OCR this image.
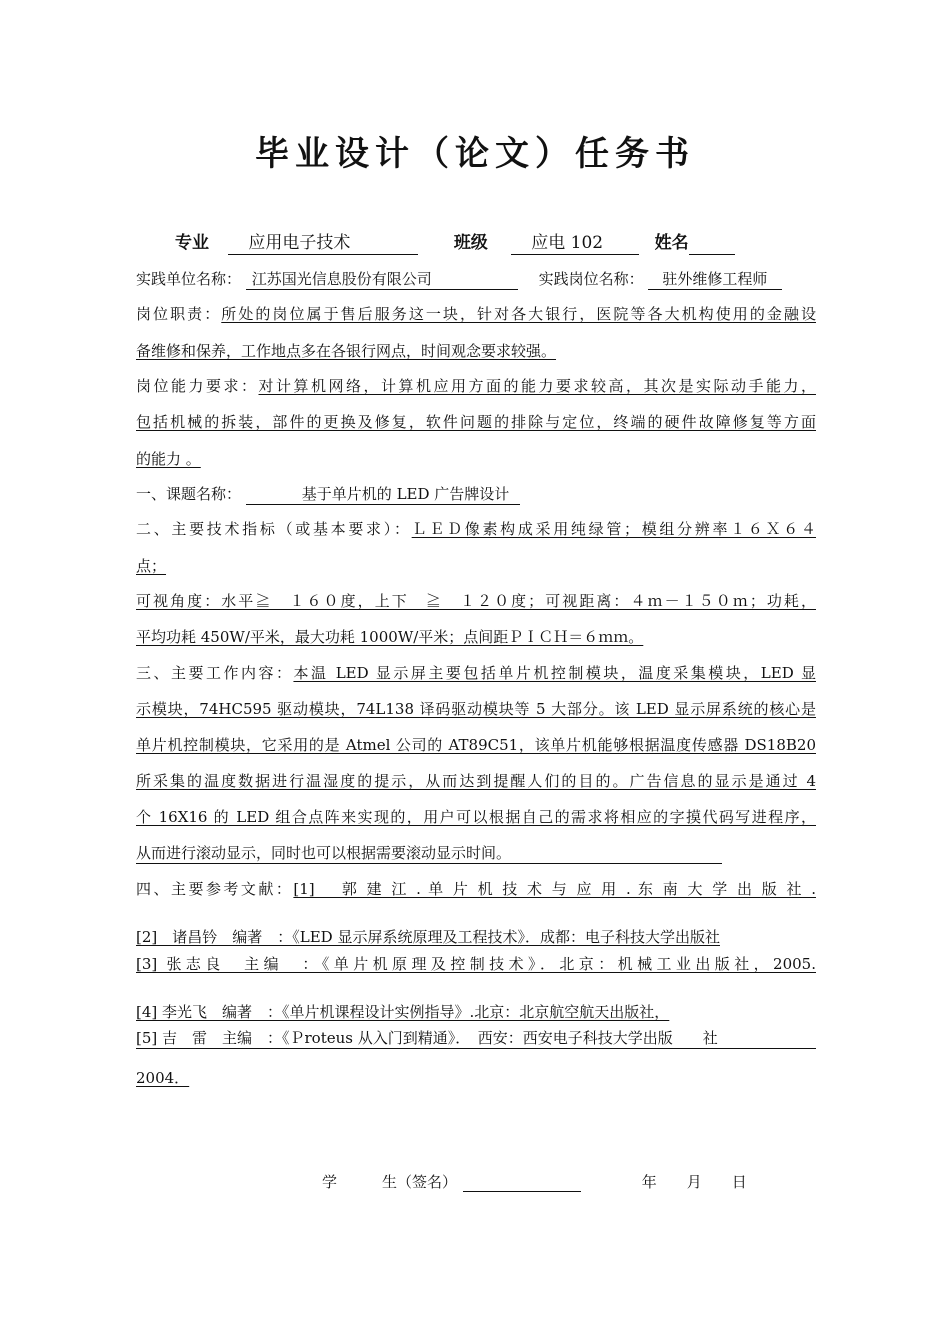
毕业设计（论文）任务书
专业 应用电子技术	班级	应电 102	姓名
实践单位名称： 江苏国光信息股份有限公司	实践岗位名称： 驻外维修工程师
岗位职责：所处的岗位属于售后服务这一块，针对各大银行，医院等各大机构使用的金融设
备维修和保养，工作地点多在各银行网点，时间观念要求较强。
岗位能力要求：对计算机网络，计算机应用方面的能力要求较高，其次是实际动手能力，
包括机械的拆装，部件的更换及修复，软件问题的排除与定位，终端的硬件故障修复等方面
的能力 。
一、课题名称：	基于单片机的 LED 广告牌设计
二、主要技术指标（或基本要求）：ＬＥＤ像素构成采用纯绿管；模组分辨率１６Ｘ６４
点；
可视角度：水平≧　１６０度，上下　≧　１２０度；可视距离：４ｍ－１５０ｍ；功耗，
平均功耗 450W/平米，最大功耗 1000W/平米；点间距ＰＩＣＨ＝６ｍｍ。
三、主要工作内容：本温 LED 显示屏主要包括单片机控制模块，温度采集模块，LED 显
示模块，74HC595 驱动模块，74L138 译码驱动模块等 5 大部分。该 LED 显示屏系统的核心是
单片机控制模块，它采用的是 Atmel 公司的 AT89C51，该单片机能够根据温度传感器 DS18B20
所采集的温度数据进行温湿度的提示，从而达到提醒人们的目的。广告信息的显示是通过 4
个 16X16 的 LED 组合点阵来实现的，用户可以根据自己的需求将相应的字摸代码写进程序，
从而进行滚动显示，同时也可以根据需要滚动显示时间。
四、主要参考文献：[1]　 郭 建 江 . 单 片 机 技 术 与 应 用 . 东 南 大 学 出 版 社 .
[2]　诸昌钤　编著　：《LED 显示屏系统原理及工程技术》．成都：电子科技大学出版社
[3] 张志良　主编　：《单片机原理及控制技术》．北京：机械工业出版社，2005.
[4] 李光飞　编著　：《单片机课程设计实例指导》.北京：北京航空航天出版社，
[5] 吉　雷　主编　：《Ｐroteus 从入门到精通》．　西安：西安电子科技大学出版　　社
2004．
学　　　生（签名）	年　　月　　日
